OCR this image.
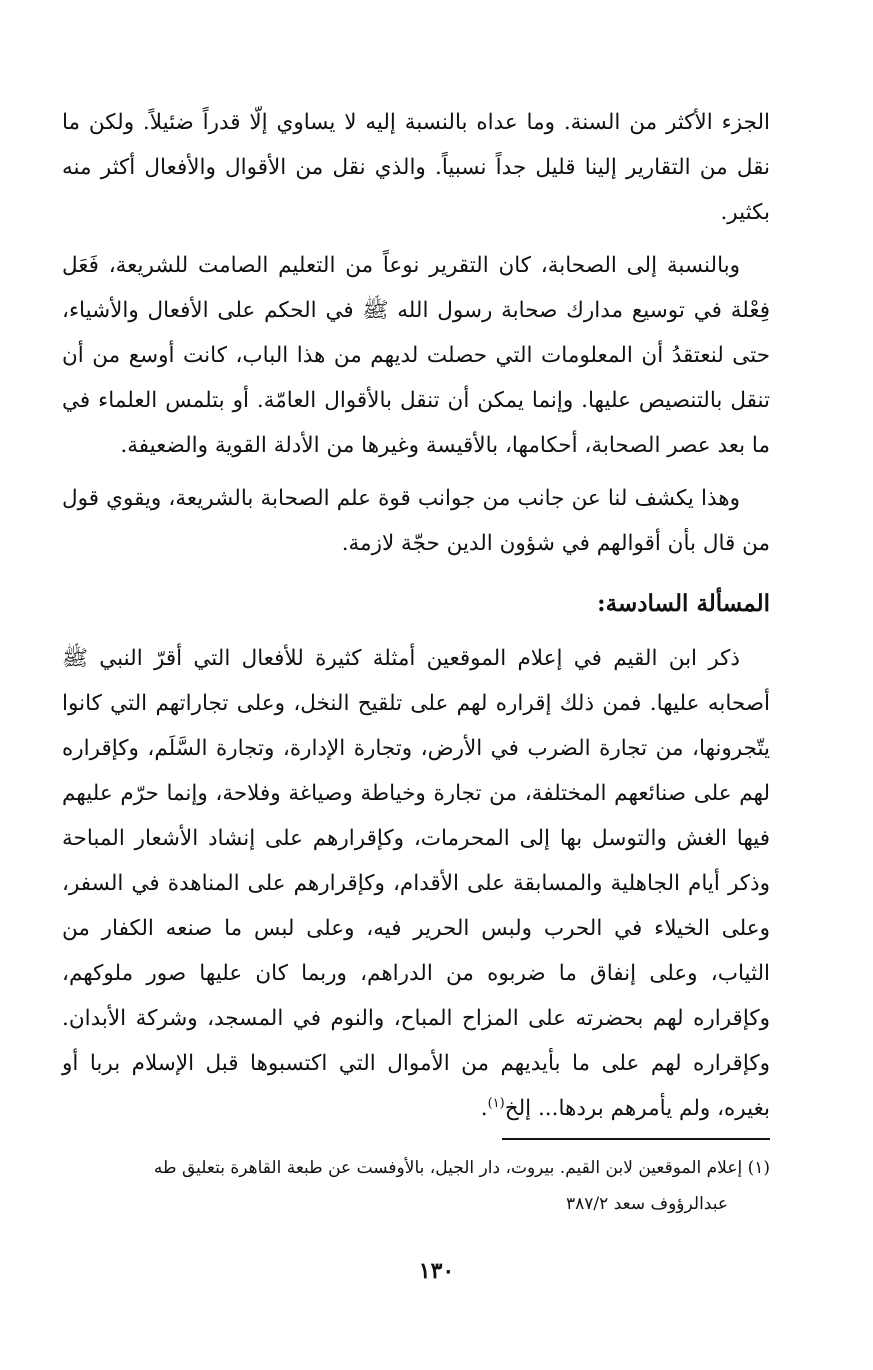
الجزء الأكثر من السنة. وما عداه بالنسبة إليه لا يساوي إلّا قدراً ضئيلاً. ولكن ما نقل من التقارير إلينا قليل جداً نسبياً. والذي نقل من الأقوال والأفعال أكثر منه بكثير.

وبالنسبة إلى الصحابة، كان التقرير نوعاً من التعليم الصامت للشريعة، فَعَل فِعْلة في توسيع مدارك صحابة رسول الله ﷺ في الحكم على الأفعال والأشياء، حتى لنعتقدُ أن المعلومات التي حصلت لديهم من هذا الباب، كانت أوسع من أن تنقل بالتنصيص عليها. وإنما يمكن أن تنقل بالأقوال العامّة. أو بتلمس العلماء في ما بعد عصر الصحابة، أحكامها، بالأقيسة وغيرها من الأدلة القوية والضعيفة.

وهذا يكشف لنا عن جانب من جوانب قوة علم الصحابة بالشريعة، ويقوي قول من قال بأن أقوالهم في شؤون الدين حجّة لازمة.

المسألة السادسة:

ذكر ابن القيم في إعلام الموقعين أمثلة كثيرة للأفعال التي أقرّ النبي ﷺ أصحابه عليها. فمن ذلك إقراره لهم على تلقيح النخل، وعلى تجاراتهم التي كانوا يتّجرونها، من تجارة الضرب في الأرض، وتجارة الإدارة، وتجارة السَّلَم، وكإقراره لهم على صنائعهم المختلفة، من تجارة وخياطة وصياغة وفلاحة، وإنما حرّم عليهم فيها الغش والتوسل بها إلى المحرمات، وكإقرارهم على إنشاد الأشعار المباحة وذكر أيام الجاهلية والمسابقة على الأقدام، وكإقرارهم على المناهدة في السفر، وعلى الخيلاء في الحرب ولبس الحرير فيه، وعلى لبس ما صنعه الكفار من الثياب، وعلى إنفاق ما ضربوه من الدراهم، وربما كان عليها صور ملوكهم، وكإقراره لهم بحضرته على المزاح المباح، والنوم في المسجد، وشركة الأبدان. وكإقراره لهم على ما بأيديهم من الأموال التي اكتسبوها قبل الإسلام بربا أو بغيره، ولم يأمرهم بردها... إلخ$^{(١)}$.

(١) إعلام الموقعين لابن القيم. بيروت، دار الجيل، بالأوفست عن طبعة القاهرة بتعليق طه

عبدالرؤوف سعد ٣٨٧/٢

١٣٠
